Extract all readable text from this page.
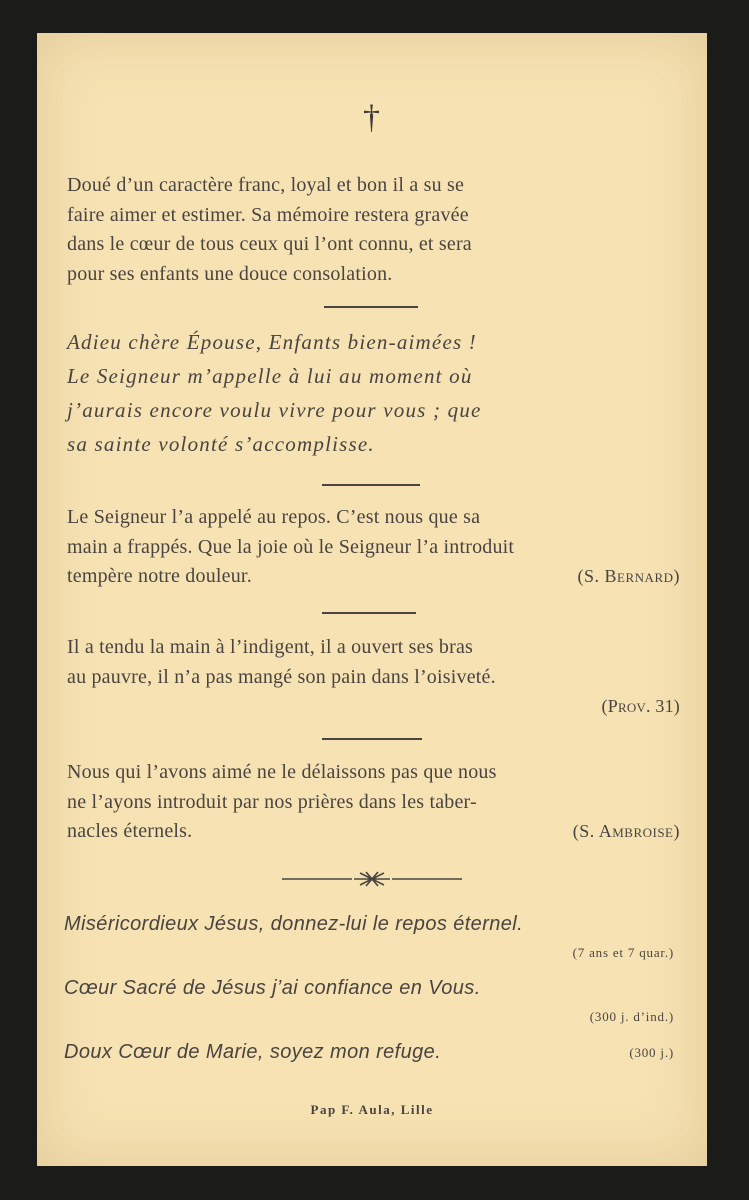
†
Doué d’un caractère franc, loyal et bon il a su se
faire aimer et estimer. Sa mémoire restera gravée
dans le cœur de tous ceux qui l’ont connu, et sera
pour ses enfants une douce consolation.
Adieu chère Épouse, Enfants bien-aimées !
Le Seigneur m’appelle à lui au moment où
j’aurais encore voulu vivre pour vous ; que
sa sainte volonté s’accomplisse.
Le Seigneur l’a appelé au repos. C’est nous que sa
main a frappés. Que la joie où le Seigneur l’a introduit
tempère notre douleur.	(S. Bernard)
Il a tendu la main à l’indigent, il a ouvert ses bras
au pauvre, il n’a pas mangé son pain dans l’oisiveté.
(Prov. 31)
Nous qui l’avons aimé ne le délaissons pas que nous
ne l’ayons introduit par nos prières dans les taber-
nacles éternels.	(S. Ambroise)
Miséricordieux Jésus, donnez-lui le repos éternel.
(7 ans et 7 quar.)
Cœur Sacré de Jésus j’ai confiance en Vous.
(300 j. d’ind.)
Doux Cœur de Marie, soyez mon refuge.	(300 j.)
Pap F. Aula, Lille
